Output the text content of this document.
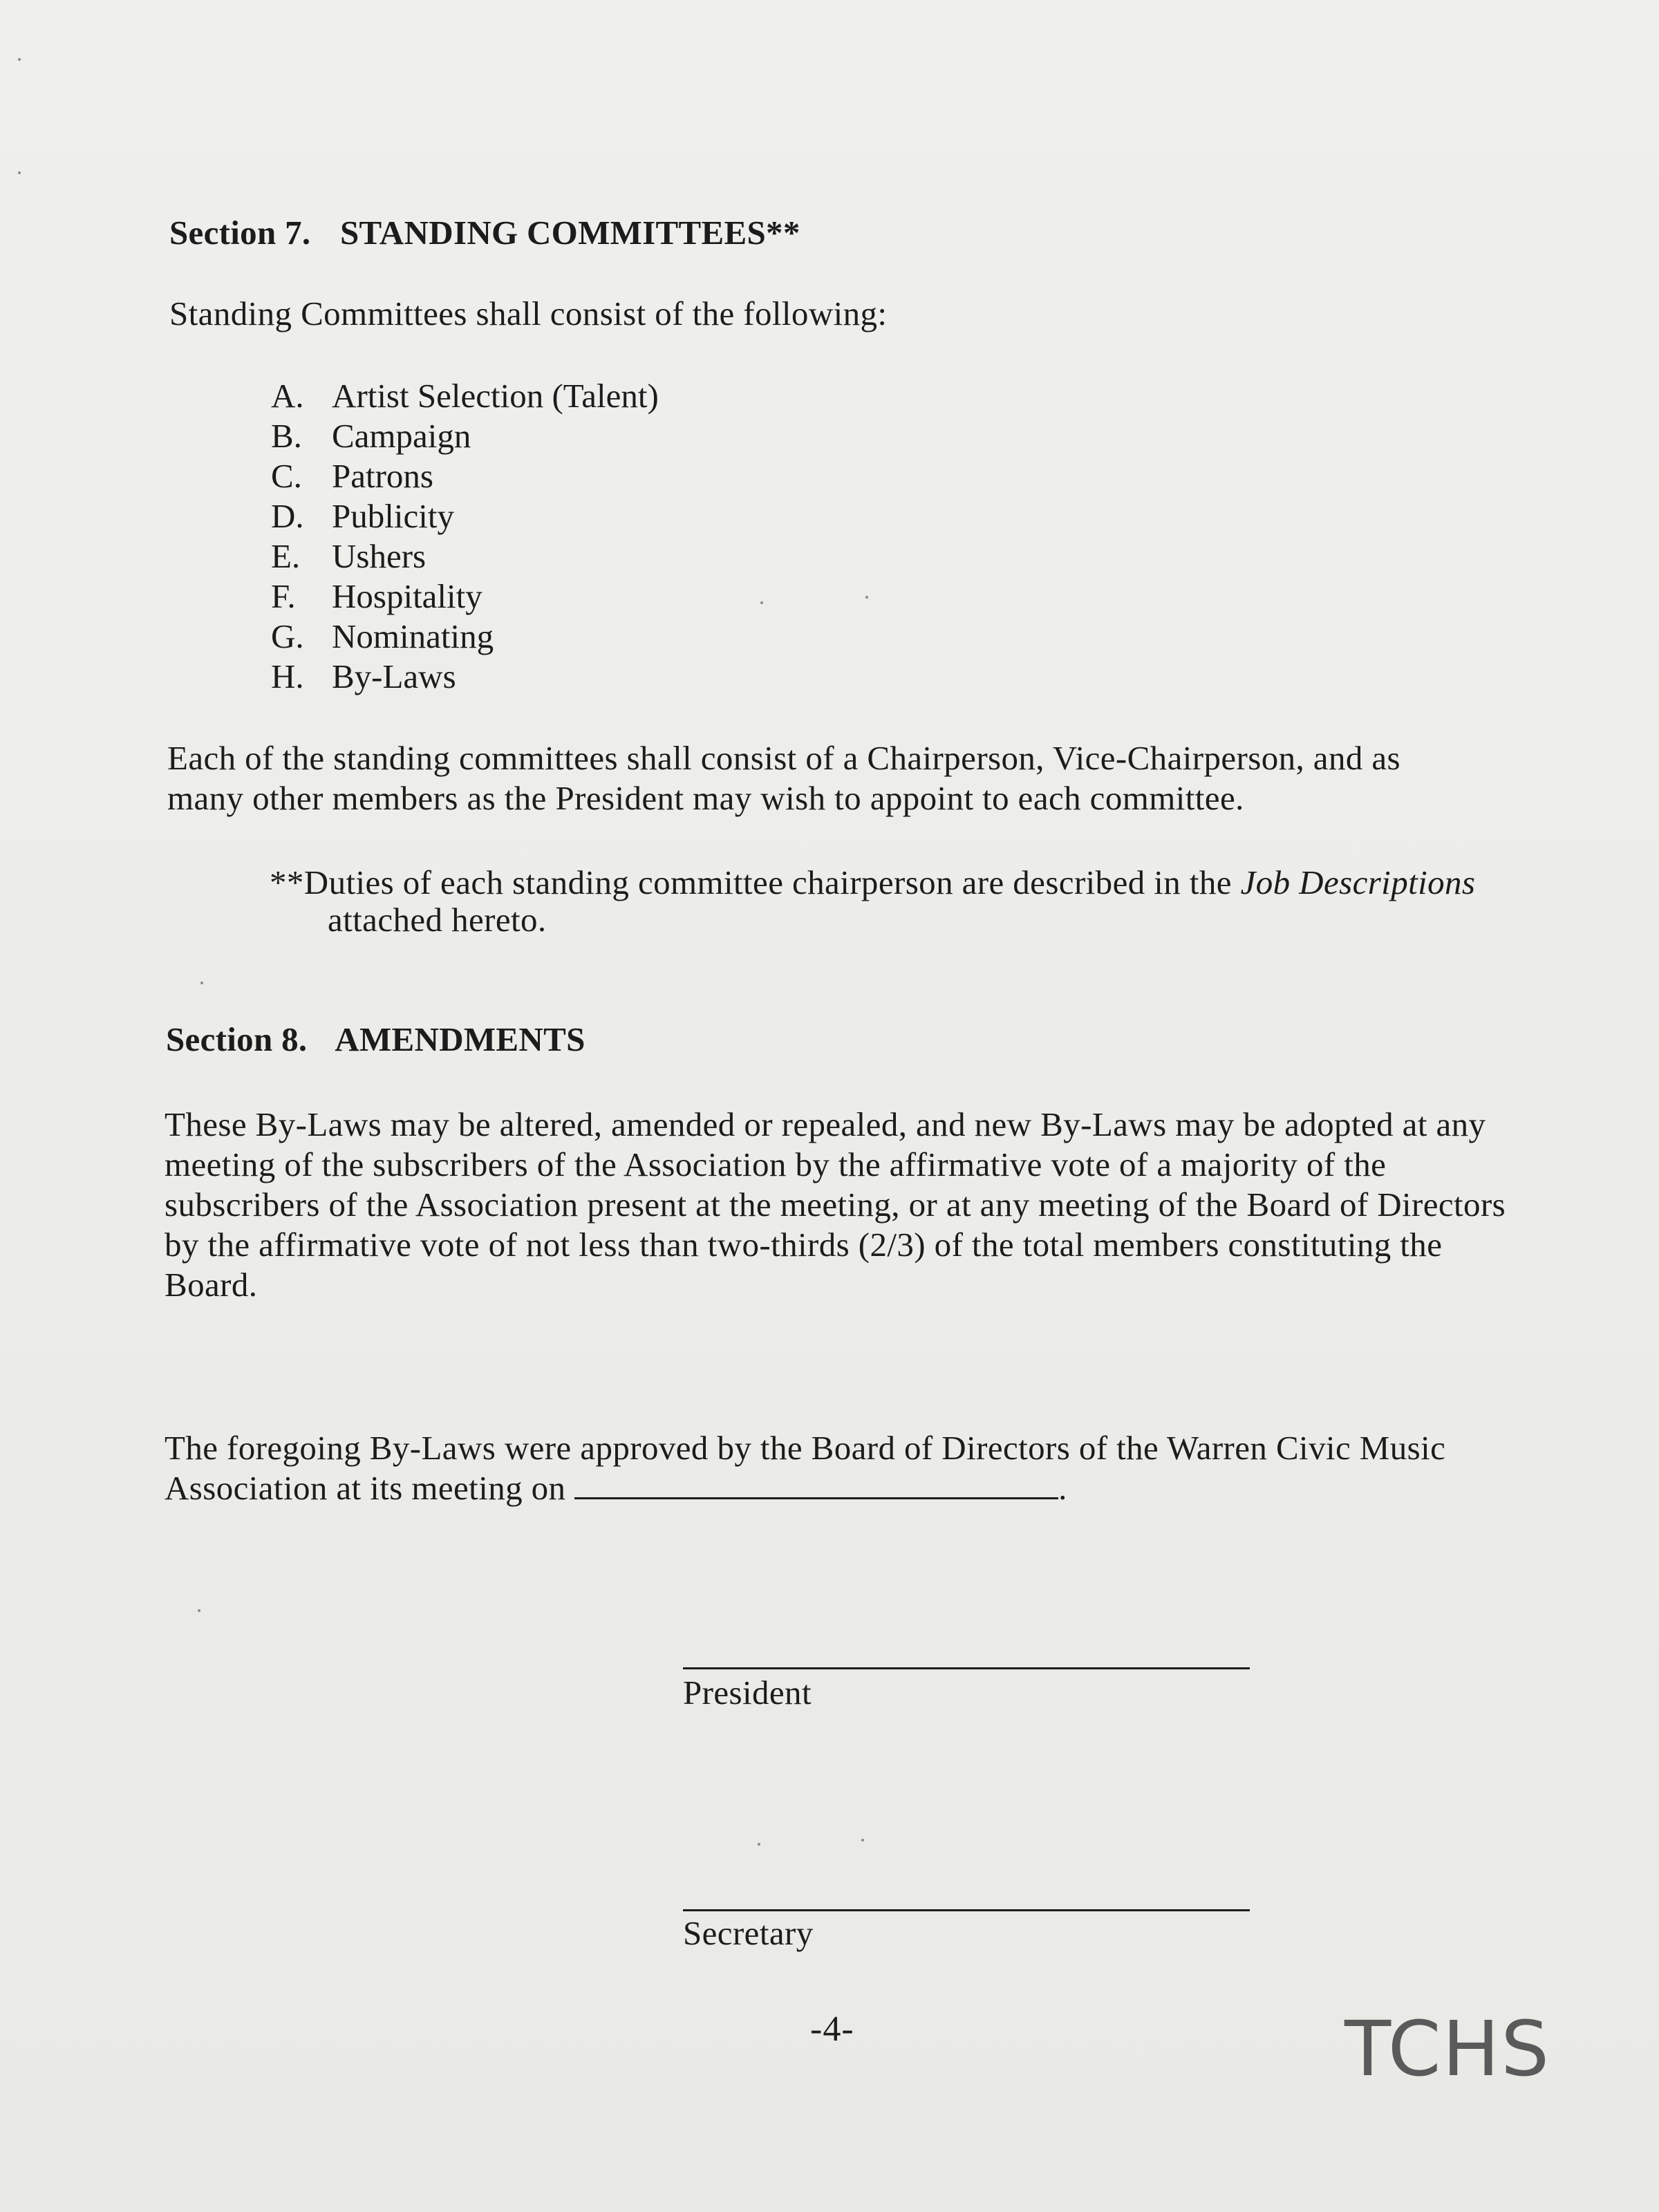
Section 7. STANDING COMMITTEES**
Standing Committees shall consist of the following:
A. Artist Selection (Talent)
B. Campaign
C. Patrons
D. Publicity
E. Ushers
F. Hospitality
G. Nominating
H. By-Laws
Each of the standing committees shall consist of a Chairperson, Vice-Chairperson, and as many other members as the President may wish to appoint to each committee.
**Duties of each standing committee chairperson are described in the Job Descriptions
attached hereto.
Section 8. AMENDMENTS
These By-Laws may be altered, amended or repealed, and new By-Laws may be adopted at any meeting of the subscribers of the Association by the affirmative vote of a majority of the subscribers of the Association present at the meeting, or at any meeting of the Board of Directors by the affirmative vote of not less than two-thirds (2/3) of the total members constituting the Board.
The foregoing By-Laws were approved by the Board of Directors of the Warren Civic Music Association at its meeting on	.
President
Secretary
-4-	TCHS
